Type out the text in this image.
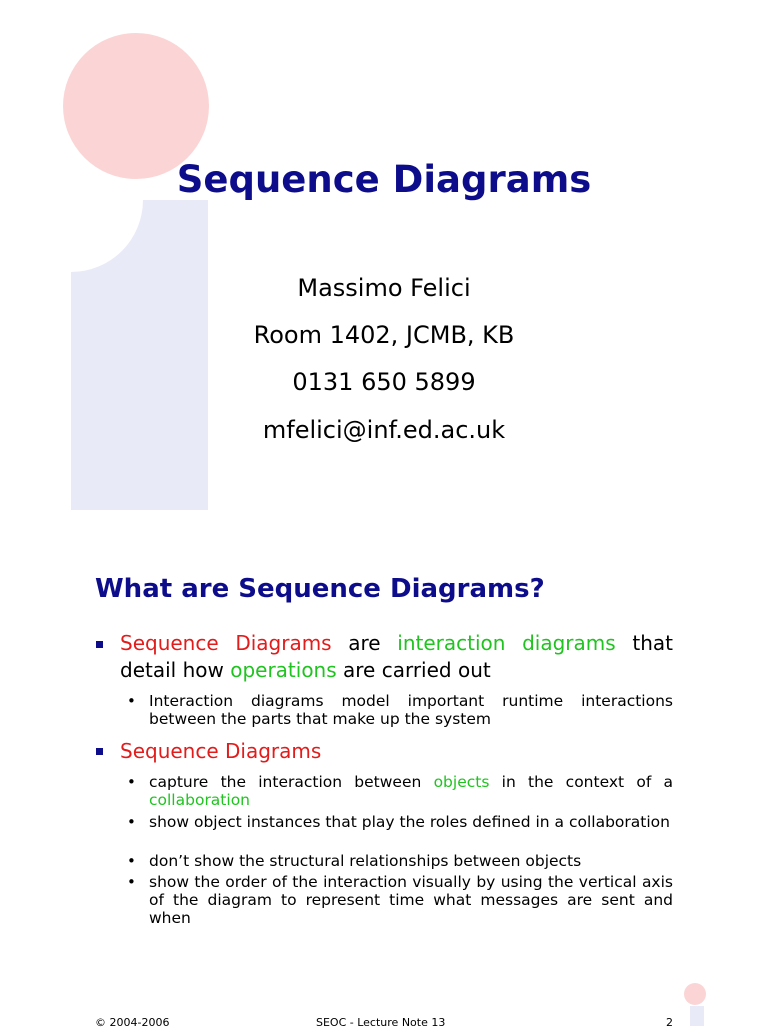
Sequence Diagrams
Massimo Felici
Room 1402, JCMB, KB
0131 650 5899
mfelici@inf.ed.ac.uk
What are Sequence Diagrams?
Sequence Diagrams are interaction diagrams that detail how operations are carried out
• Interaction diagrams model important runtime interactions between the parts that make up the system
Sequence Diagrams
• capture the interaction between objects in the context of a collaboration
• show object instances that play the roles defined in a collaboration
• don’t show the structural relationships between objects
• show the order of the interaction visually by using the vertical axis of the diagram to represent time what messages are sent and when
© 2004-2006	SEOC - Lecture Note 13	2
